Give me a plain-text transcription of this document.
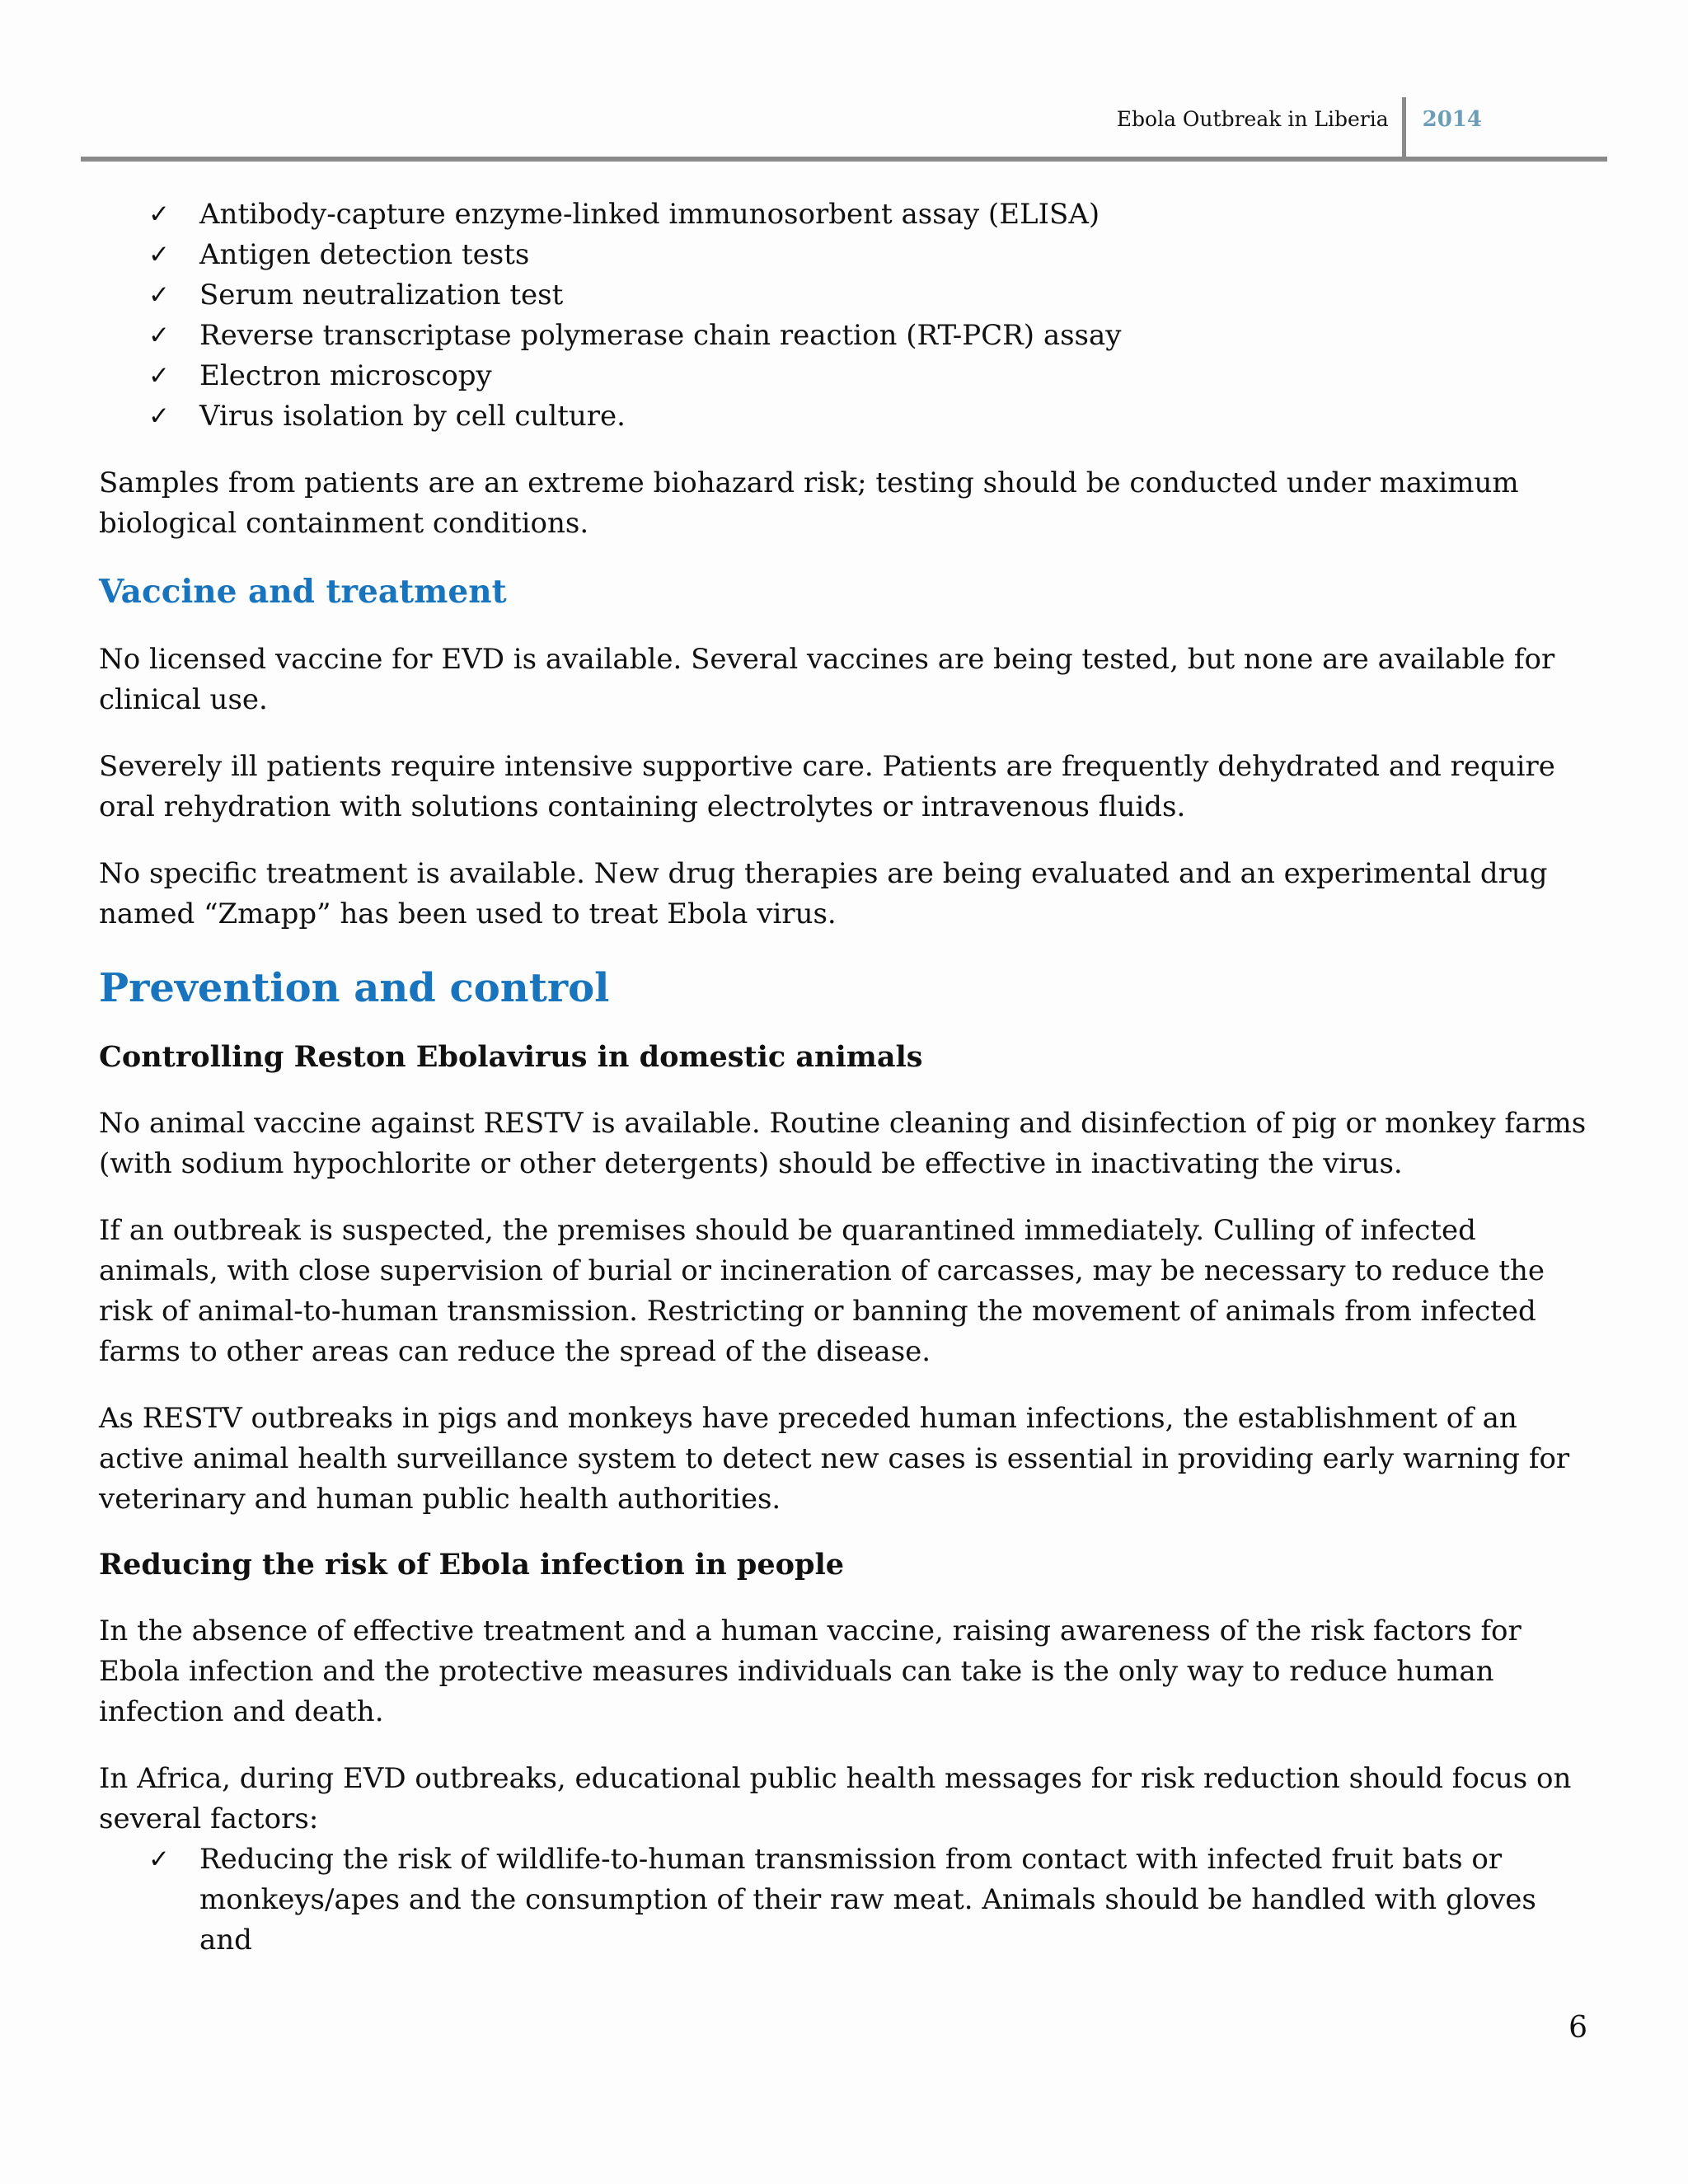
Ebola Outbreak in Liberia	2014
✓ Antibody-capture enzyme-linked immunosorbent assay (ELISA)
✓ Antigen detection tests
✓ Serum neutralization test
✓ Reverse transcriptase polymerase chain reaction (RT-PCR) assay
✓ Electron microscopy
✓ Virus isolation by cell culture.

Samples from patients are an extreme biohazard risk; testing should be conducted under maximum biological containment conditions.

Vaccine and treatment

No licensed vaccine for EVD is available. Several vaccines are being tested, but none are available for clinical use.

Severely ill patients require intensive supportive care. Patients are frequently dehydrated and require oral rehydration with solutions containing electrolytes or intravenous fluids.

No specific treatment is available. New drug therapies are being evaluated and an experimental drug named “Zmapp” has been used to treat Ebola virus.

Prevention and control
Controlling Reston Ebolavirus in domestic animals

No animal vaccine against RESTV is available. Routine cleaning and disinfection of pig or monkey farms (with sodium hypochlorite or other detergents) should be effective in inactivating the virus.

If an outbreak is suspected, the premises should be quarantined immediately. Culling of infected animals, with close supervision of burial or incineration of carcasses, may be necessary to reduce the risk of animal-to-human transmission. Restricting or banning the movement of animals from infected farms to other areas can reduce the spread of the disease.

As RESTV outbreaks in pigs and monkeys have preceded human infections, the establishment of an active animal health surveillance system to detect new cases is essential in providing early warning for veterinary and human public health authorities.

Reducing the risk of Ebola infection in people

In the absence of effective treatment and a human vaccine, raising awareness of the risk factors for Ebola infection and the protective measures individuals can take is the only way to reduce human infection and death.

In Africa, during EVD outbreaks, educational public health messages for risk reduction should focus on several factors:

✓ Reducing the risk of wildlife-to-human transmission from contact with infected fruit bats or monkeys/apes and the consumption of their raw meat. Animals should be handled with gloves and
6
